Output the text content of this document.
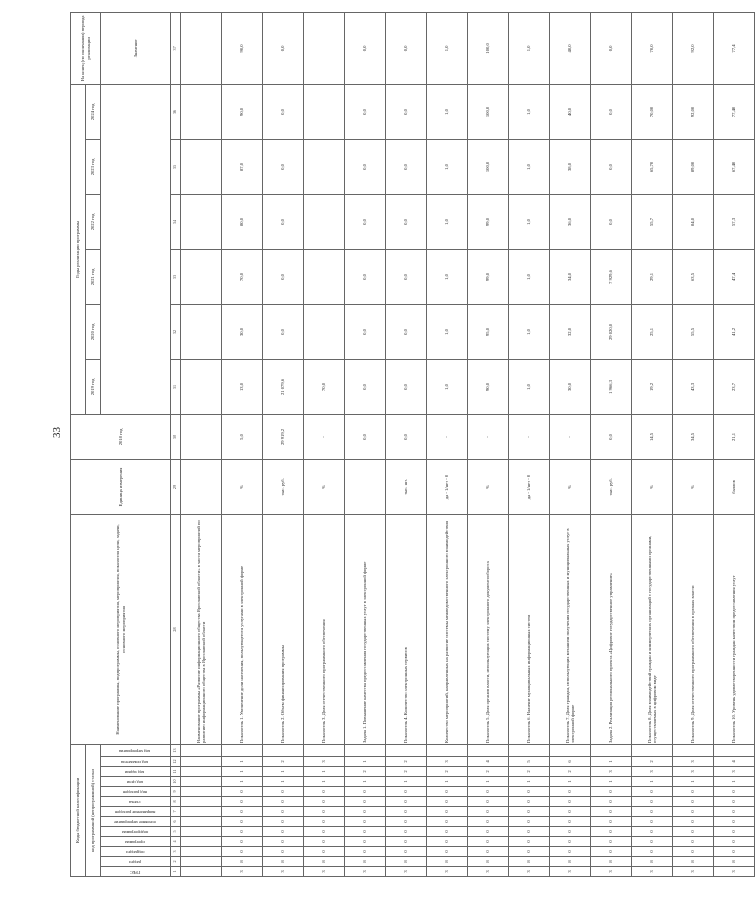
33
Коды бюджетной классификации													Наименование программы, подпрограммы, основного мероприятия, мероприятия, показателя цели, задачи, основного мероприятия	Единица измерения	2018 год	Годы реализации программы						На конец (по окончании) периода реализации
код программной (непрограммной) статьи																2019 год	2020 год	2021 год	2022 год	2023 год	2024 год	
ГРБС	раздел	подраздел	программа	подпрограмма	основное мероприятие	направление расходов	статья	вид расходов	код цели	код задачи	код показателя	код мероприятия										Значение
1	2	3	4	5	6	7	8	9	10	11	12	13	28	29	30	31	32	33	34	35	36	37
													Наименование программы «Развитие информационного общества Ярославской области» в части мероприятий по развитию информационного общества в Ярославской области									
3	8	0	0	0	0	0	0	0	1	1	1		Показатель 1. Увеличение доли населения, пользующегося услугами в электронной форме	%	5,0	13,0	30,0	70,0	80,0	87,0	90,0	90,0
3	8	0	0	0	0	0	0	0	1	1	2		Показатель 2. Объем финансирования программы	тыс. руб.	29 919,2	21 079,6	0,0	0,0	0,0	0,0	0,0	0,0
3	8	0	0	0	0	0	0	0	1	1	3		Показатель 3. Доля отечественного программного обеспечения	%	-	70,0						
3	8	0	0	0	0	0	0	0	1	2	1		Задача 1. Повышение качества предоставления государственных услуг в электронной форме		0,0	0,0	0,0	0,0	0,0	0,0	0,0	0,0
3	8	0	0	0	0	0	0	0	1	2	2		Показатель 4. Количество электронных сервисов	тыс. шт.	0,0	0,0	0,0	0,0	0,0	0,0	0,0	0,0
3	8	0	0	0	0	0	0	0	1	2	3		Количество мероприятий, направленных на развитие системы межведомственного электронного взаимодействия	да - 1/нет - 0	-	1,0	1,0	1,0	1,0	1,0	1,0	1,0
3	8	0	0	0	0	0	0	0	1	2	4		Показатель 5. Доля органов власти, использующих систему электронного документооборота	%	-	90,0	95,0	99,0	99,0	100,0	100,0	100,0
3	8	0	0	0	0	0	0	0	1	2	5		Показатель 6. Наличие муниципальных информационных систем	да - 1/нет - 0	-	1,0	1,0	1,0	1,0	1,0	1,0	1,0
3	8	0	0	0	0	0	0	0	1	2	6		Показатель 7. Доля граждан, использующих механизм получения государственных и муниципальных услуг в электронной форме	%	-	30,0	32,0	34,0	36,0	38,0	40,0	40,0
3	8	0	0	0	0	0	0	0	1	3	1		Задача 2. Реализация регионального проекта «Цифровое государственное управление»	тыс. руб.	0,0	1 966,3	29 020,0	7 929,6	0,0	0,0	0,0	0,0
3	8	0	0	0	0	0	0	0	1	3	2		Показатель 8. Доля взаимодействий граждан и коммерческих организаций с государственными органами, осуществляемых в цифровом виде	%	14,5	19,2	25,1	29,1	55,7	65,70	70,00	70,0
3	8	0	0	0	0	0	0	0	1	3	3		Показатель 9. Доля отечественного программного обеспечения в органах власти	%	34,5	43,3	55,5	63,5	84,0	89,00	92,00	92,0
3	8	0	0	0	0	0	0	0	1	3	4		Показатель 10. Уровень удовлетворенности граждан качеством предоставления услуг	баллов	21,1	23,7	41,2	47,4	57,3	67,40	77,40	77,4
